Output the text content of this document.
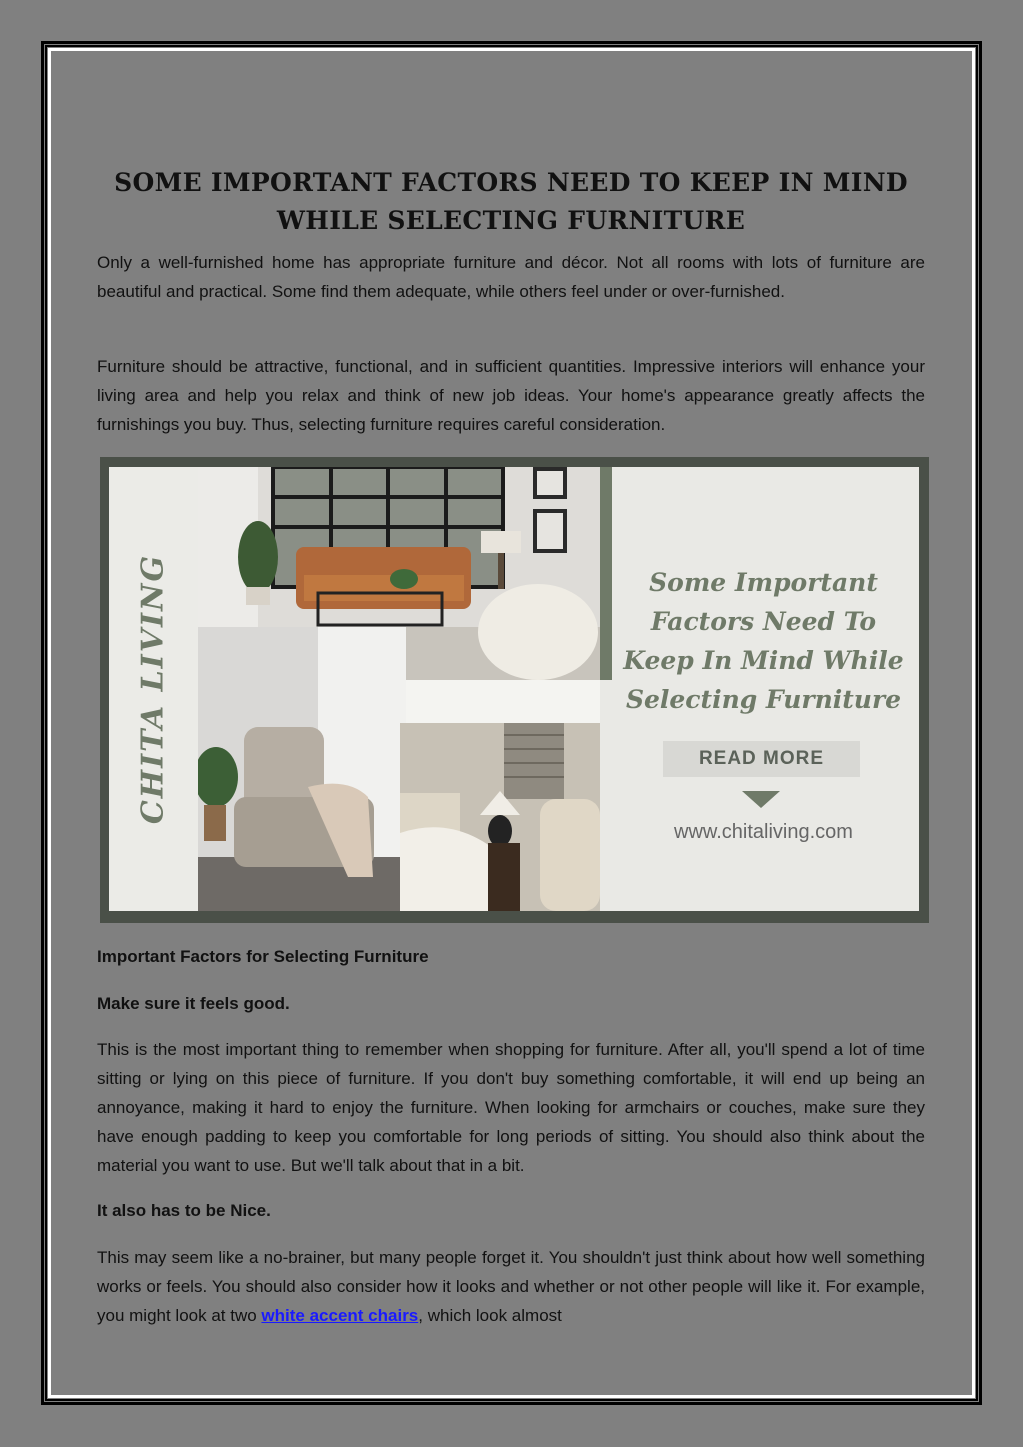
SOME IMPORTANT FACTORS NEED TO KEEP IN MIND WHILE SELECTING FURNITURE

Only a well-furnished home has appropriate furniture and décor. Not all rooms with lots of furniture are beautiful and practical. Some find them adequate, while others feel under or over-furnished.

Furniture should be attractive, functional, and in sufficient quantities. Impressive interiors will enhance your living area and help you relax and think of new job ideas. Your home's appearance greatly affects the furnishings you buy. Thus, selecting furniture requires careful consideration.

CHITA LIVING	Some Important Factors Need To Keep In Mind While Selecting Furniture
READ MORE
www.chitaliving.com
Important Factors for Selecting Furniture
Make sure it feels good.

This is the most important thing to remember when shopping for furniture. After all, you'll spend a lot of time sitting or lying on this piece of furniture. If you don't buy something comfortable, it will end up being an annoyance, making it hard to enjoy the furniture. When looking for armchairs or couches, make sure they have enough padding to keep you comfortable for long periods of sitting. You should also think about the material you want to use. But we'll talk about that in a bit.

It also has to be Nice.

This may seem like a no-brainer, but many people forget it. You shouldn't just think about how well something works or feels. You should also consider how it looks and whether or not other people will like it. For example, you might look at two white accent chairs, which look almost
